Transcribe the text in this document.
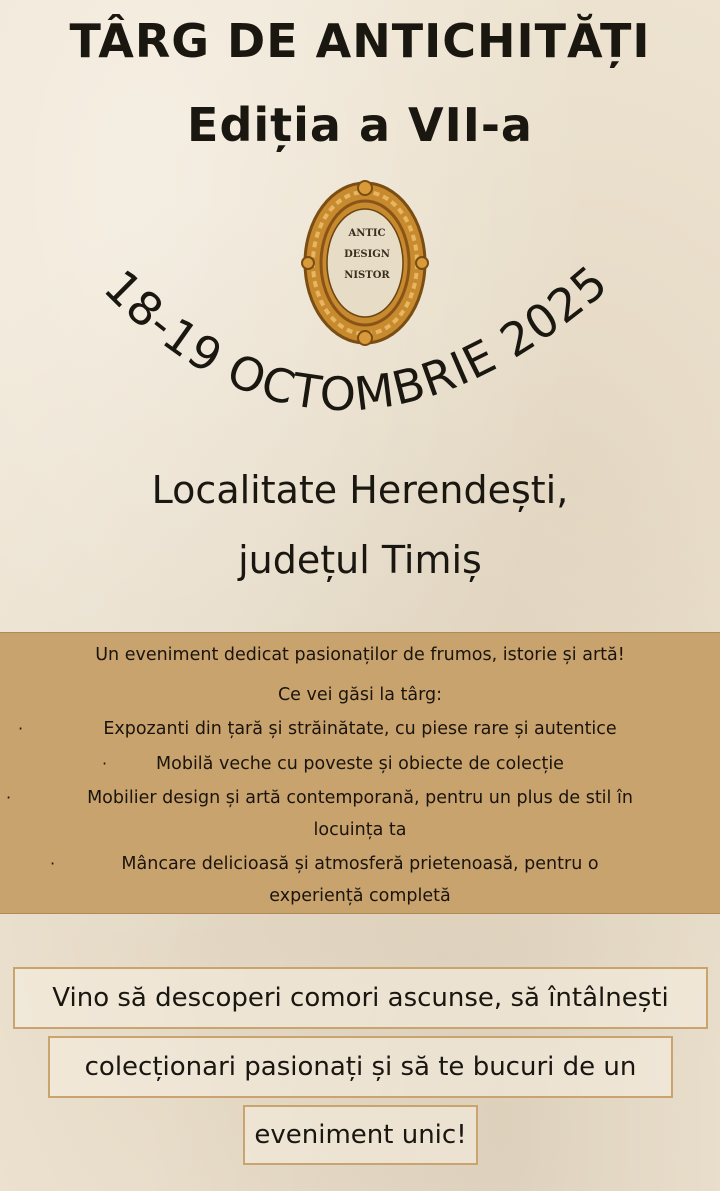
TÂRG DE ANTICHITĂȚI
Ediția a VII-a
ANTIC
DESIGN
NISTOR
18-19 OCTOMBRIE 2025
Localitate Herendești,
județul Timiș
Un eveniment dedicat pasionaților de frumos, istorie și artă!
Ce vei găsi la târg:
·	Expozanti din țară și străinătate, cu piese rare și autentice
·	Mobilă veche cu poveste și obiecte de colecție
·	Mobilier design și artă contemporană, pentru un plus de stil în
locuința ta
·	Mâncare delicioasă și atmosferă prietenoasă, pentru o
experiență completă
Vino să descoperi comori ascunse, să întâlnești
colecționari pasionați și să te bucuri de un
eveniment unic!
